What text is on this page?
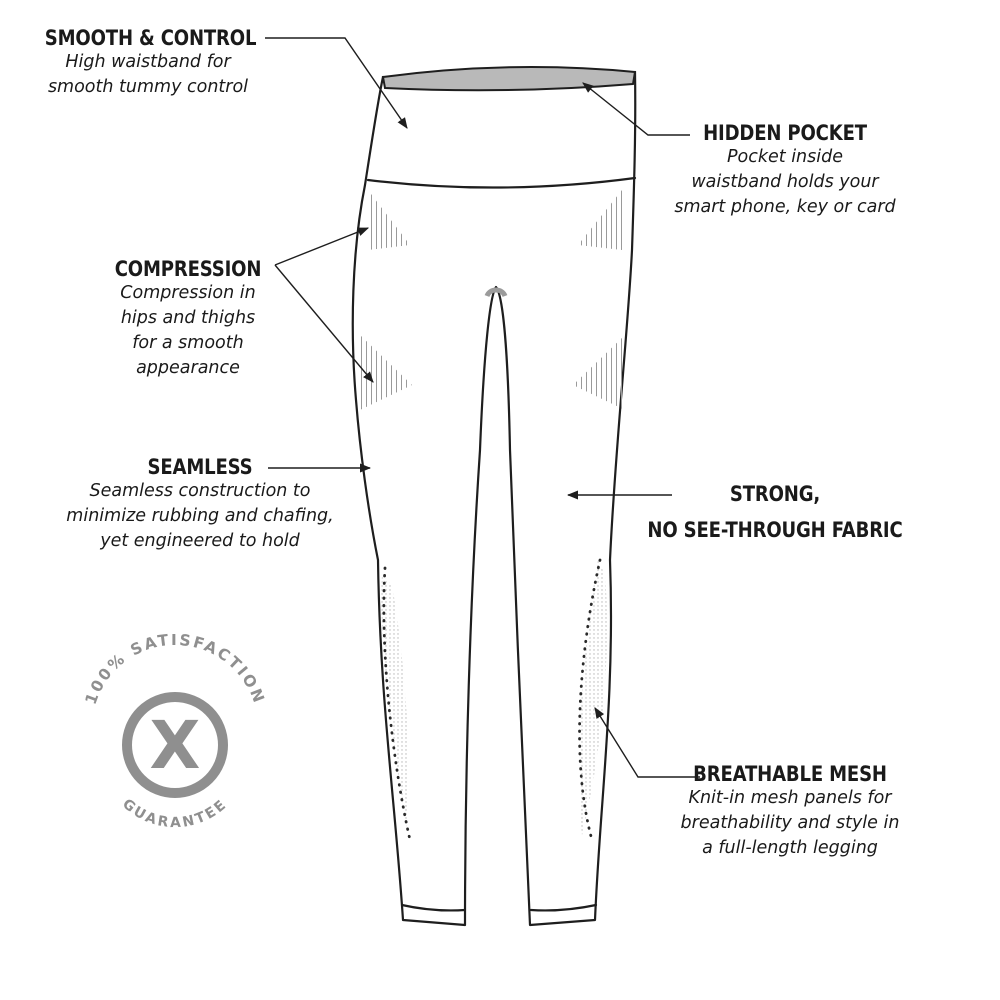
100% SATISFACTION
GUARANTEE
X
SMOOTH & CONTROL
High waistband for
smooth tummy control
HIDDEN POCKET
Pocket inside
waistband holds your
smart phone, key or card
COMPRESSION
Compression in
hips and thighs
for a smooth
appearance
SEAMLESS
Seamless construction to
minimize rubbing and chafing,
yet engineered to hold
STRONG,
NO SEE-THROUGH FABRIC
BREATHABLE MESH
Knit-in mesh panels for
breathability and style in
a full-length legging
